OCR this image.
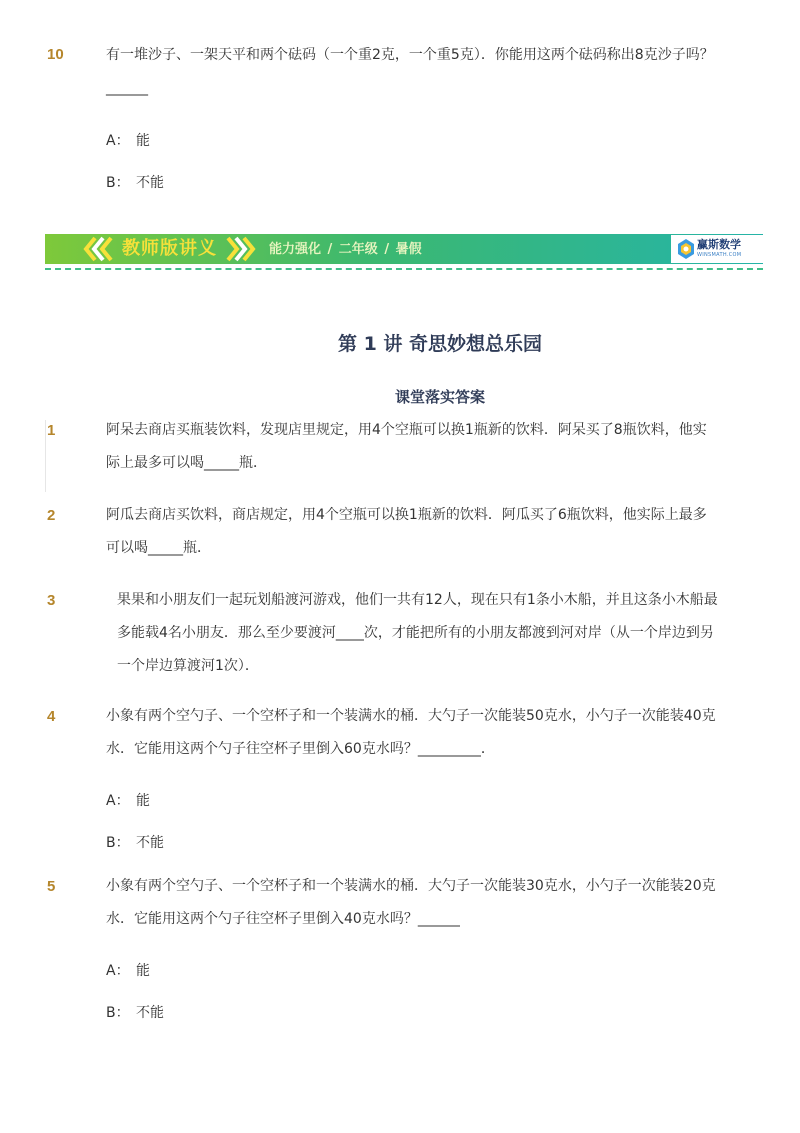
10	有一堆沙子、一架天平和两个砝码（一个重2克，一个重5克）．你能用这两个砝码称出8克沙子吗？______

A： 能
B： 不能
教师版讲义	能力强化 / 二年级 / 暑假	赢斯数学
WINSMATH.COM
第 1 讲 奇思妙想总乐园
课堂落实答案
1	阿呆去商店买瓶装饮料，发现店里规定，用4个空瓶可以换1瓶新的饮料．阿呆买了8瓶饮料，他实际上最多可以喝_____瓶．

2	阿瓜去商店买饮料，商店规定，用4个空瓶可以换1瓶新的饮料．阿瓜买了6瓶饮料，他实际上最多可以喝_____瓶．

3	果果和小朋友们一起玩划船渡河游戏，他们一共有12人，现在只有1条小木船，并且这条小木船最多能载4名小朋友．那么至少要渡河____次，才能把所有的小朋友都渡到河对岸（从一个岸边到另一个岸边算渡河1次）．

4	小象有两个空勺子、一个空杯子和一个装满水的桶．大勺子一次能装50克水，小勺子一次能装40克水．它能用这两个勺子往空杯子里倒入60克水吗？_________．

A： 能
B： 不能
5	小象有两个空勺子、一个空杯子和一个装满水的桶．大勺子一次能装30克水，小勺子一次能装20克水．它能用这两个勺子往空杯子里倒入40克水吗？______

A： 能
B： 不能
